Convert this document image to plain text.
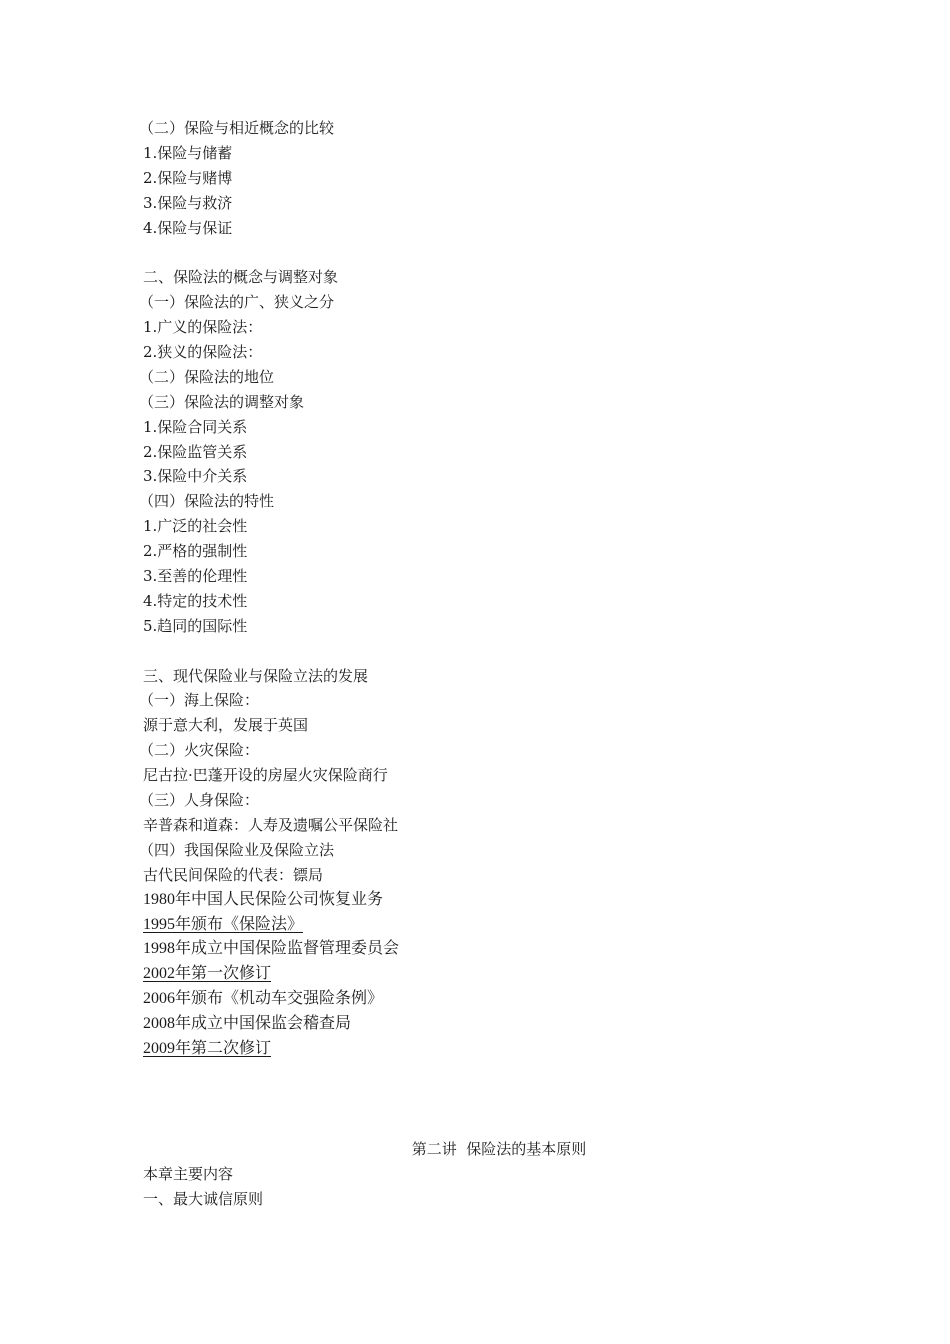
（二）保险与相近概念的比较
1.保险与储蓄
2.保险与赌博
3.保险与救济
4.保险与保证
二、保险法的概念与调整对象
（一）保险法的广、狭义之分
1.广义的保险法：
2.狭义的保险法：
（二）保险法的地位
（三）保险法的调整对象
1.保险合同关系
2.保险监管关系
3.保险中介关系
（四）保险法的特性
1.广泛的社会性
2.严格的强制性
3.至善的伦理性
4.特定的技术性
5.趋同的国际性
三、现代保险业与保险立法的发展
（一）海上保险：
源于意大利，发展于英国
（二）火灾保险：
尼古拉·巴蓬开设的房屋火灾保险商行
（三）人身保险：
辛普森和道森：人寿及遗嘱公平保险社
（四）我国保险业及保险立法
古代民间保险的代表：镖局
1980年中国人民保险公司恢复业务
1995年颁布《保险法》
1998年成立中国保险监督管理委员会
2002年第一次修订
2006年颁布《机动车交强险条例》
2008年成立中国保监会稽查局
2009年第二次修订
第二讲  保险法的基本原则
本章主要内容
一、最大诚信原则
